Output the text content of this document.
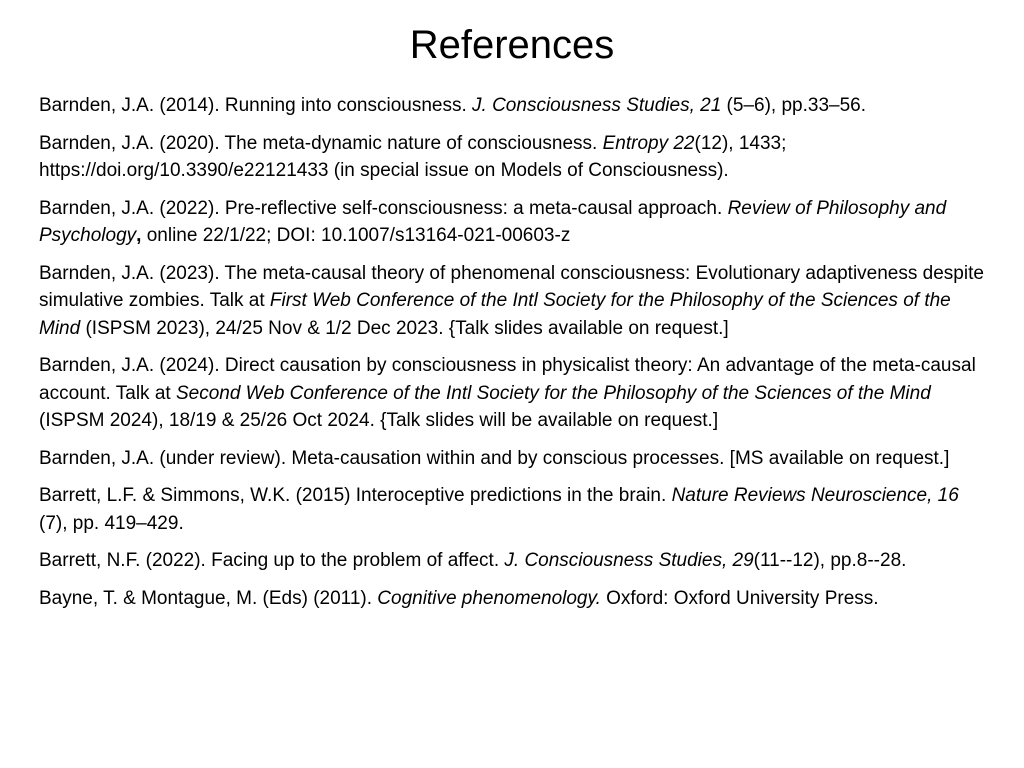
References

Barnden, J.A. (2014). Running into consciousness. J. Consciousness Studies, 21 (5–6), pp.33–56.

Barnden, J.A. (2020). The meta-dynamic nature of consciousness. Entropy 22(12), 1433; https://doi.org/10.3390/e22121433 (in special issue on Models of Consciousness).

Barnden, J.A. (2022). Pre-reflective self-consciousness: a meta-causal approach. Review of Philosophy and Psychology, online 22/1/22; DOI: 10.1007/s13164-021-00603-z

Barnden, J.A. (2023). The meta-causal theory of phenomenal consciousness: Evolutionary adaptiveness despite simulative zombies. Talk at First Web Conference of the Intl Society for the Philosophy of the Sciences of the Mind (ISPSM 2023), 24/25 Nov & 1/2 Dec 2023. {Talk slides available on request.]

Barnden, J.A. (2024). Direct causation by consciousness in physicalist theory: An advantage of the meta-causal account. Talk at Second Web Conference of the Intl Society for the Philosophy of the Sciences of the Mind (ISPSM 2024), 18/19 & 25/26 Oct 2024. {Talk slides will be available on request.]

Barnden, J.A. (under review). Meta-causation within and by conscious processes. [MS available on request.]

Barrett, L.F. & Simmons, W.K. (2015) Interoceptive predictions in the brain. Nature Reviews Neuroscience, 16 (7), pp. 419–429.

Barrett, N.F. (2022). Facing up to the problem of affect. J. Consciousness Studies, 29(11--12), pp.8--28.

Bayne, T. & Montague, M. (Eds) (2011). Cognitive phenomenology. Oxford: Oxford University Press.
